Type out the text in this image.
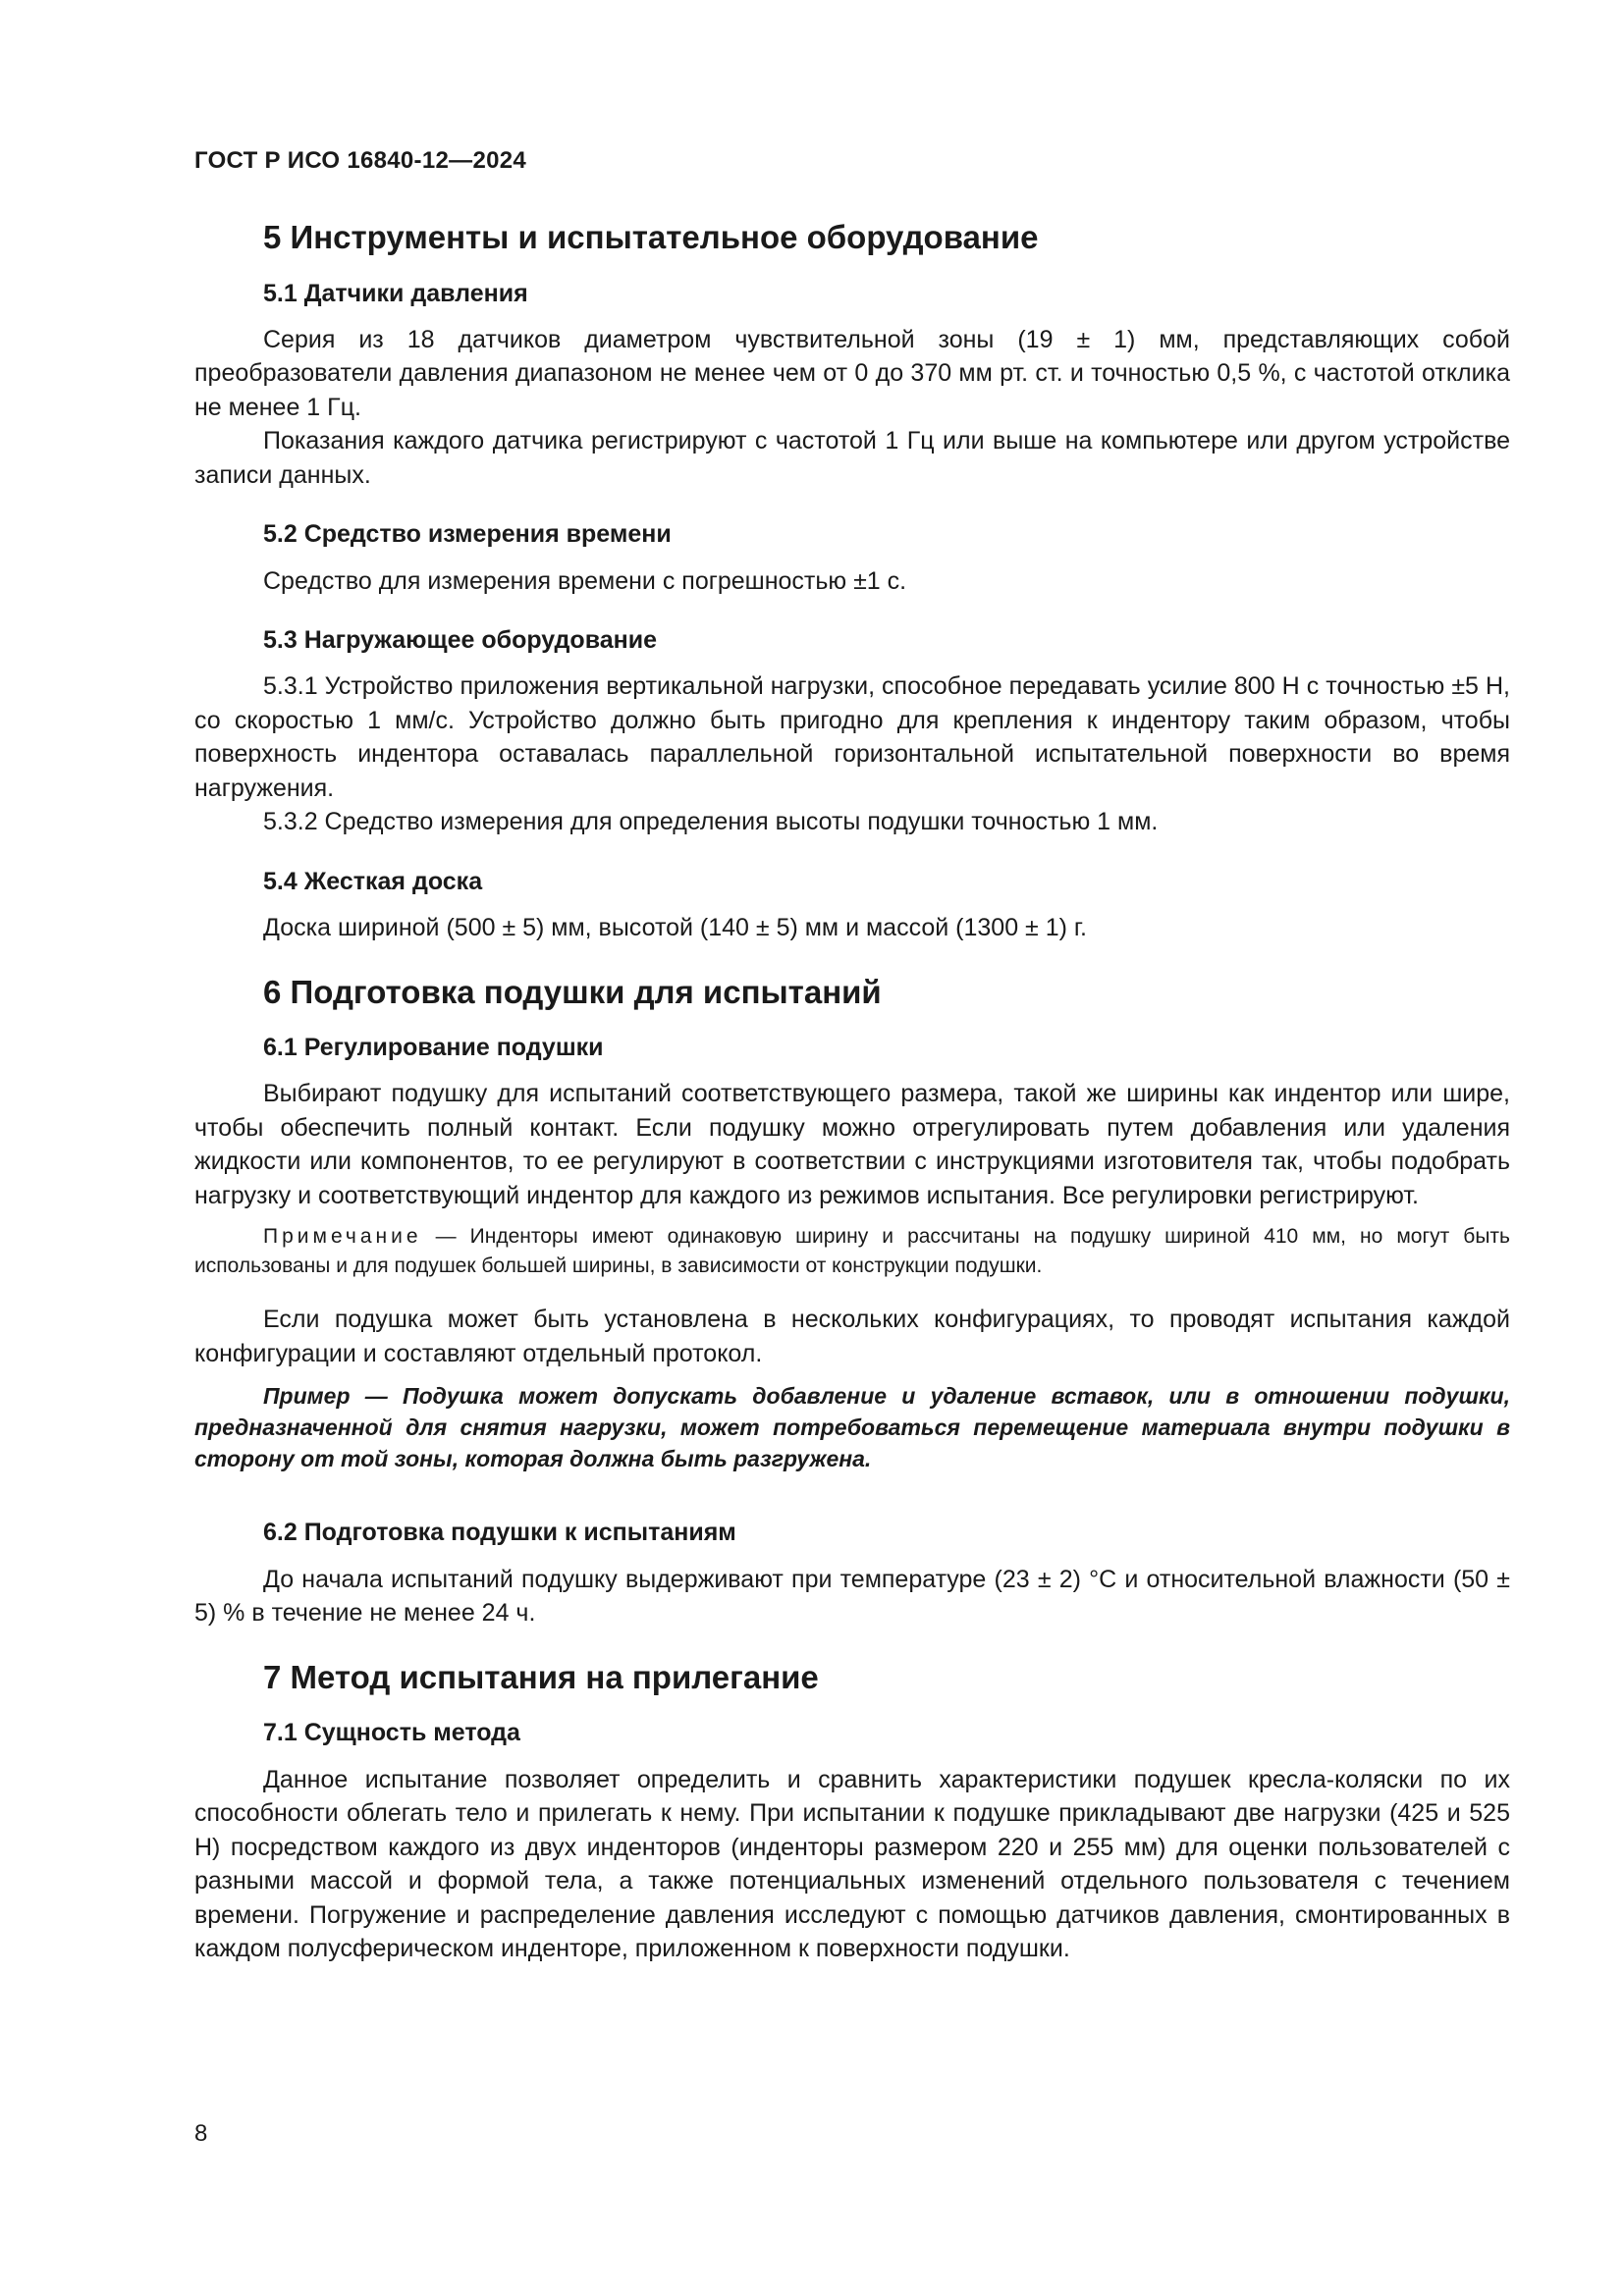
ГОСТ Р ИСО 16840-12—2024
5 Инструменты и испытательное оборудование
5.1 Датчики давления

Серия из 18 датчиков диаметром чувствительной зоны (19 ± 1) мм, представляющих собой преобразователи давления диапазоном не менее чем от 0 до 370 мм рт. ст. и точностью 0,5 %, с частотой отклика не менее 1 Гц.

Показания каждого датчика регистрируют с частотой 1 Гц или выше на компьютере или другом устройстве записи данных.

5.2 Средство измерения времени

Средство для измерения времени с погрешностью ±1 с.

5.3 Нагружающее оборудование

5.3.1 Устройство приложения вертикальной нагрузки, способное передавать усилие 800 Н с точностью ±5 Н, со скоростью 1 мм/с. Устройство должно быть пригодно для крепления к индентору таким образом, чтобы поверхность индентора оставалась параллельной горизонтальной испытательной поверхности во время нагружения.

5.3.2 Средство измерения для определения высоты подушки точностью 1 мм.

5.4 Жесткая доска

Доска шириной (500 ± 5) мм, высотой (140 ± 5) мм и массой (1300 ± 1) г.

6 Подготовка подушки для испытаний
6.1 Регулирование подушки

Выбирают подушку для испытаний соответствующего размера, такой же ширины как индентор или шире, чтобы обеспечить полный контакт. Если подушку можно отрегулировать путем добавления или удаления жидкости или компонентов, то ее регулируют в соответствии с инструкциями изготовителя так, чтобы подобрать нагрузку и соответствующий индентор для каждого из режимов испытания. Все регулировки регистрируют.

Примечание — Инденторы имеют одинаковую ширину и рассчитаны на подушку шириной 410 мм, но могут быть использованы и для подушек большей ширины, в зависимости от конструкции подушки.

Если подушка может быть установлена в нескольких конфигурациях, то проводят испытания каждой конфигурации и составляют отдельный протокол.

Пример — Подушка может допускать добавление и удаление вставок, или в отношении подушки, предназначенной для снятия нагрузки, может потребоваться перемещение материала внутри подушки в сторону от той зоны, которая должна быть разгружена.

6.2 Подготовка подушки к испытаниям

До начала испытаний подушку выдерживают при температуре (23 ± 2) °С и относительной влажности (50 ± 5) % в течение не менее 24 ч.

7 Метод испытания на прилегание
7.1 Сущность метода

Данное испытание позволяет определить и сравнить характеристики подушек кресла-коляски по их способности облегать тело и прилегать к нему. При испытании к подушке прикладывают две нагрузки (425 и 525 Н) посредством каждого из двух инденторов (инденторы размером 220 и 255 мм) для оценки пользователей с разными массой и формой тела, а также потенциальных изменений отдельного пользователя с течением времени. Погружение и распределение давления исследуют с помощью датчиков давления, смонтированных в каждом полусферическом инденторе, приложенном к поверхности подушки.

8
